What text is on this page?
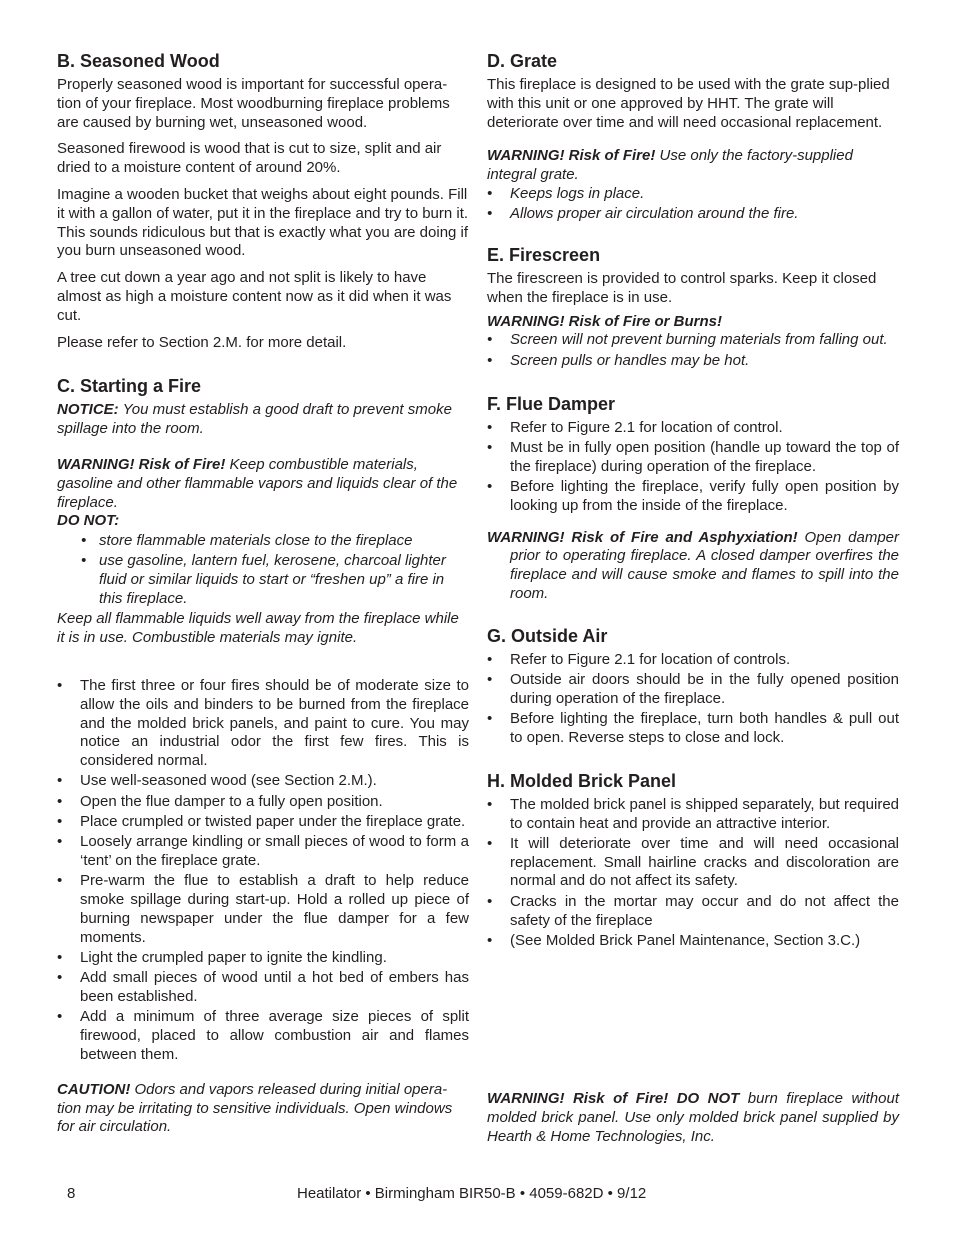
B. Seasoned Wood

Properly seasoned wood is important for successful opera-tion of your fireplace. Most woodburning fireplace problems are caused by burning wet, unseasoned wood.

Seasoned firewood is wood that is cut to size, split and air dried to a moisture content of around 20%.

Imagine a wooden bucket that weighs about eight pounds. Fill it with a gallon of water, put it in the fireplace and try to burn it. This sounds ridiculous but that is exactly what you are doing if you burn unseasoned wood.

A tree cut down a year ago and not split is likely to have almost as high a moisture content now as it did when it was cut.

Please refer to Section 2.M. for more detail.

C. Starting a Fire

NOTICE: You must establish a good draft to prevent smoke spillage into the room.

WARNING! Risk of Fire! Keep combustible materials, gasoline and other flammable vapors and liquids clear of the fireplace.

DO NOT:

• store flammable materials close to the fireplace
• use gasoline, lantern fuel, kerosene, charcoal lighter fluid or similar liquids to start or “freshen up” a fire in this fireplace.

Keep all flammable liquids well away from the fireplace while it is in use. Combustible materials may ignite.

• The first three or four fires should be of moderate size to allow the oils and binders to be burned from the fireplace and the molded brick panels, and paint to cure. You may notice an industrial odor the first few fires. This is considered normal.
• Use well-seasoned wood (see Section 2.M.).
• Open the flue damper to a fully open position.
• Place crumpled or twisted paper under the fireplace grate.
• Loosely arrange kindling or small pieces of wood to form a ‘tent’ on the fireplace grate.
• Pre-warm the flue to establish a draft to help reduce smoke spillage during start-up. Hold a rolled up piece of burning newspaper under the flue damper for a few moments.
• Light the crumpled paper to ignite the kindling.
• Add small pieces of wood until a hot bed of embers has been established.
• Add a minimum of three average size pieces of split firewood, placed to allow combustion air and flames between them.

CAUTION! Odors and vapors released during initial opera-tion may be irritating to sensitive individuals. Open windows for air circulation.

D. Grate

This fireplace is designed to be used with the grate sup-plied with this unit or one approved by HHT. The grate will deteriorate over time and will need occasional replacement.

WARNING! Risk of Fire! Use only the factory-supplied integral grate.

• Keeps logs in place.
• Allows proper air circulation around the fire.
E. Firescreen

The firescreen is provided to control sparks. Keep it closed when the fireplace is in use.

WARNING! Risk of Fire or Burns!

• Screen will not prevent burning materials from falling out.
• Screen pulls or handles may be hot.
F. Flue Damper
• Refer to Figure 2.1 for location of control.
• Must be in fully open position (handle up toward the top of the fireplace) during operation of the fireplace.
• Before lighting the fireplace, verify fully open position by looking up from the inside of the fireplace.

WARNING! Risk of Fire and Asphyxiation! Open damper prior to operating fireplace. A closed damper overfires the fireplace and will cause smoke and flames to spill into the room.

G. Outside Air
• Refer to Figure 2.1 for location of controls.
• Outside air doors should be in the fully opened position during operation of the fireplace.
• Before lighting the fireplace, turn both handles & pull out to open. Reverse steps to close and lock.
H. Molded Brick Panel
• The molded brick panel is shipped separately, but required to contain heat and provide an attractive interior.
• It will deteriorate over time and will need occasional replacement. Small hairline cracks and discoloration are normal and do not affect its safety.
• Cracks in the mortar may occur and do not affect the safety of the fireplace
• (See Molded Brick Panel Maintenance, Section 3.C.)

WARNING! Risk of Fire! DO NOT burn fireplace without molded brick panel. Use only molded brick panel supplied by Hearth & Home Technologies, Inc.

8	Heatilator • Birmingham BIR50-B • 4059-682D • 9/12
